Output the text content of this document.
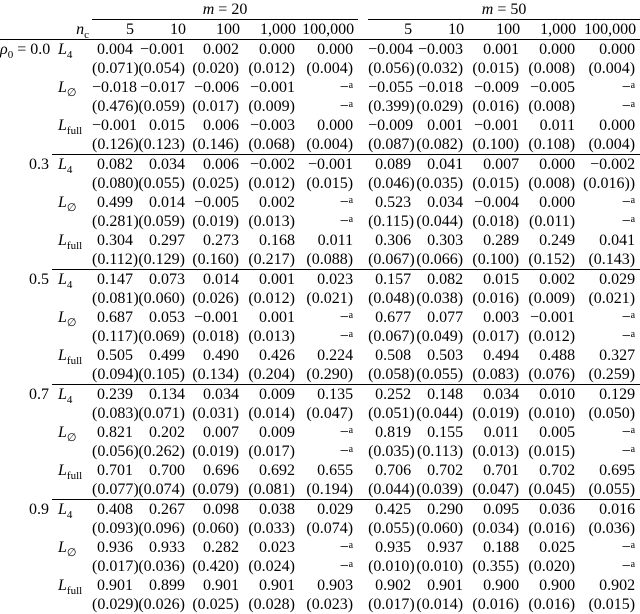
		m = 20						m = 50				
$n_c$		5	10	100	1,000	100,000		5	10	100	1,000	100,000
$\rho_0 = 0.0$	$L_4$	0.004	−0.001	0.002	0.000	0.000		−0.004	−0.003	0.001	0.000	0.000
		(0.071)	(0.054)	(0.020)	(0.012)	(0.004)		(0.056)	(0.032)	(0.015)	(0.008)	(0.004)
	$L_\emptyset$	−0.018	−0.017	−0.006	−0.001	−$^a$		−0.055	−0.018	−0.009	−0.005	−$^a$
		(0.476)	(0.059)	(0.017)	(0.009)	−$^a$		(0.399)	(0.029)	(0.016)	(0.008)	−$^a$
	$L_{full}$	−0.001	0.015	0.006	−0.003	0.000		−0.009	0.001	−0.001	0.011	0.000
		(0.126)	(0.123)	(0.146)	(0.068)	(0.004)		(0.087)	(0.082)	(0.100)	(0.108)	(0.004)
0.3	$L_4$	0.082	0.034	0.006	−0.002	−0.001		0.089	0.041	0.007	0.000	−0.002
		(0.080)	(0.055)	(0.025)	(0.012)	(0.015)		(0.046)	(0.035)	(0.015)	(0.008)	(0.016))
	$L_\emptyset$	0.499	0.014	−0.005	0.002	−$^a$		0.523	0.034	−0.004	0.000	−$^a$
		(0.281)	(0.059)	(0.019)	(0.013)	−$^a$		(0.115)	(0.044)	(0.018)	(0.011)	−$^a$
	$L_{full}$	0.304	0.297	0.273	0.168	0.011		0.306	0.303	0.289	0.249	0.041
		(0.112)	(0.129)	(0.160)	(0.217)	(0.088)		(0.067)	(0.066)	(0.100)	(0.152)	(0.143)
0.5	$L_4$	0.147	0.073	0.014	0.001	0.023		0.157	0.082	0.015	0.002	0.029
		(0.081)	(0.060)	(0.026)	(0.012)	(0.021)		(0.048)	(0.038)	(0.016)	(0.009)	(0.021)
	$L_\emptyset$	0.687	0.053	−0.001	0.001	−$^a$		0.677	0.077	0.003	−0.001	−$^a$
		(0.117)	(0.069)	(0.018)	(0.013)	−$^a$		(0.067)	(0.049)	(0.017)	(0.012)	−$^a$
	$L_{full}$	0.505	0.499	0.490	0.426	0.224		0.508	0.503	0.494	0.488	0.327
		(0.094)	(0.105)	(0.134)	(0.204)	(0.290)		(0.058)	(0.055)	(0.083)	(0.076)	(0.259)
0.7	$L_4$	0.239	0.134	0.034	0.009	0.135		0.252	0.148	0.034	0.010	0.129
		(0.083)	(0.071)	(0.031)	(0.014)	(0.047)		(0.051)	(0.044)	(0.019)	(0.010)	(0.050)
	$L_\emptyset$	0.821	0.202	0.007	0.009	−$^a$		0.819	0.155	0.011	0.005	−$^a$
		(0.056)	(0.262)	(0.019)	(0.017)	−$^a$		(0.035)	(0.113)	(0.013)	(0.015)	−$^a$
	$L_{full}$	0.701	0.700	0.696	0.692	0.655		0.706	0.702	0.701	0.702	0.695
		(0.077)	(0.074)	(0.079)	(0.081)	(0.194)		(0.044)	(0.039)	(0.047)	(0.045)	(0.055)
0.9	$L_4$	0.408	0.267	0.098	0.038	0.029		0.425	0.290	0.095	0.036	0.016
		(0.093)	(0.096)	(0.060)	(0.033)	(0.074)		(0.055)	(0.060)	(0.034)	(0.016)	(0.036)
	$L_\emptyset$	0.936	0.933	0.282	0.023	−$^a$		0.935	0.937	0.188	0.025	−$^a$
		(0.017)	(0.036)	(0.420)	(0.024)	−$^a$		(0.010)	(0.010)	(0.355)	(0.020)	−$^a$
	$L_{full}$	0.901	0.899	0.901	0.901	0.903		0.902	0.901	0.900	0.900	0.902
		(0.029)	(0.026)	(0.025)	(0.028)	(0.023)		(0.017)	(0.014)	(0.016)	(0.016)	(0.015)
